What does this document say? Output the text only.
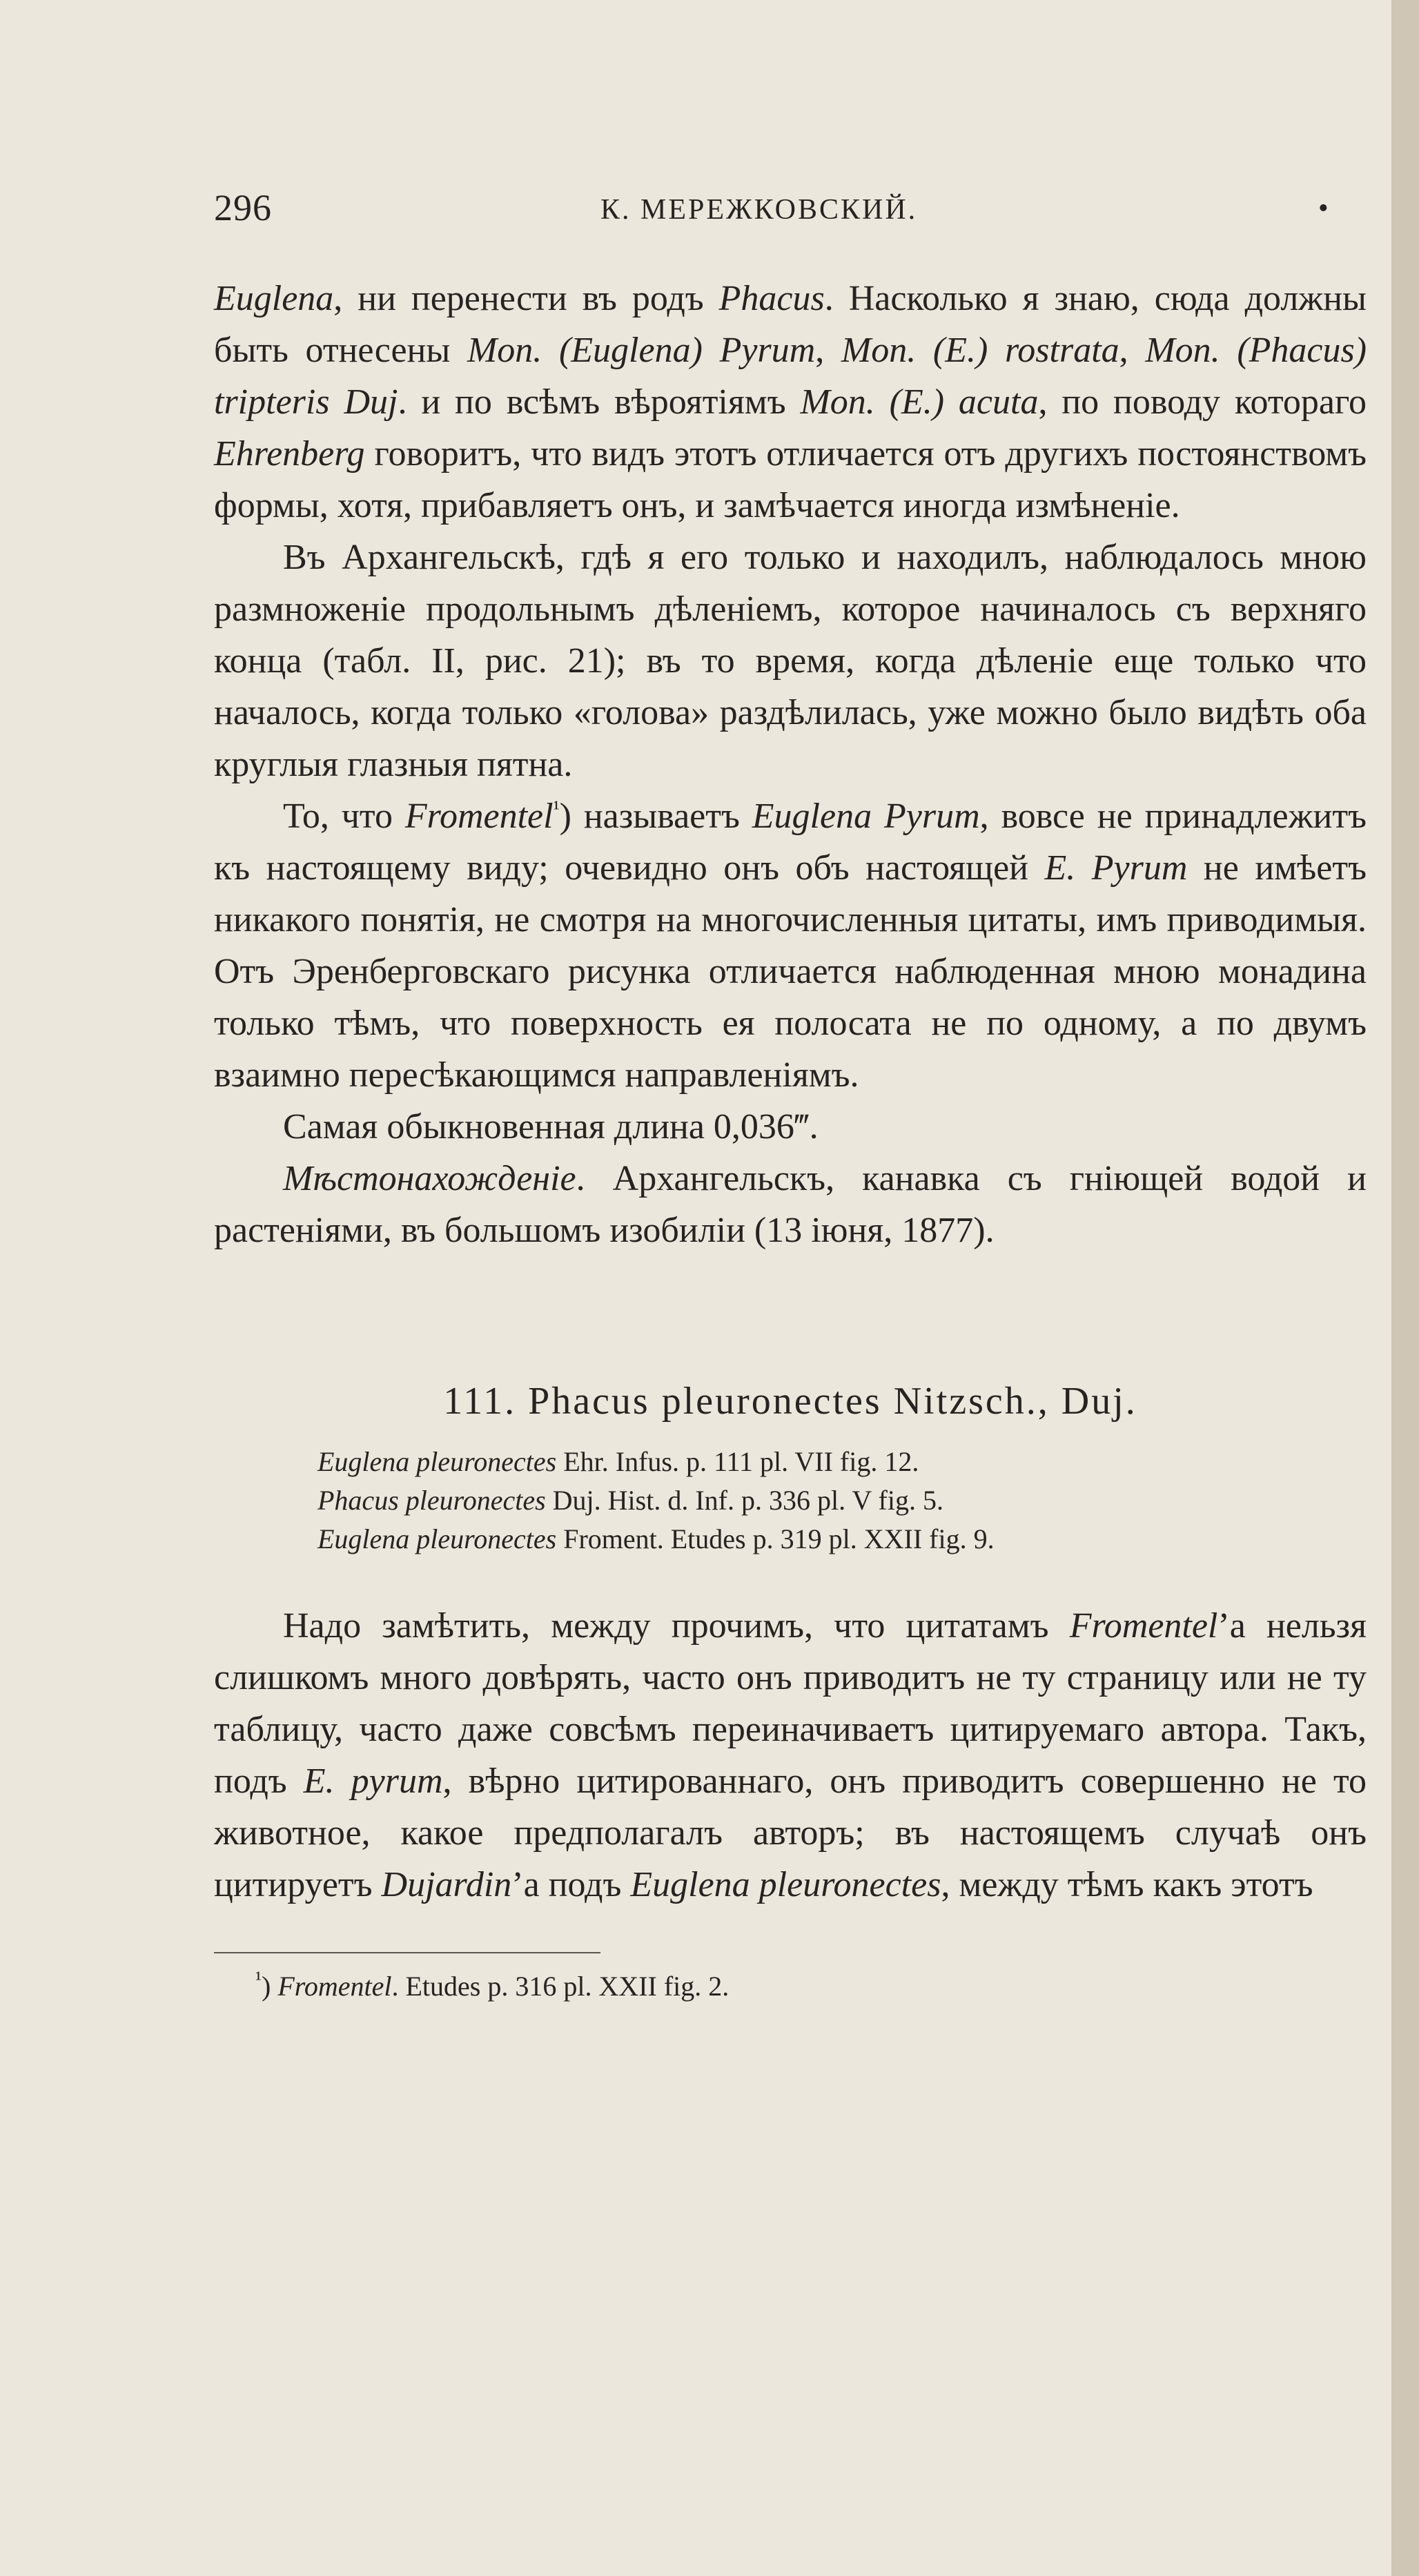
296	К. МЕРЕЖКОВСКИЙ.	•

Euglena, ни перенести въ родъ Phacus. Насколько я знаю, сюда должны быть отнесены Mon. (Euglena) Pyrum, Mon. (E.) rostrata, Mon. (Phacus) tripteris Duj. и по всѣмъ вѣроятіямъ Mon. (E.) acuta, по поводу котораго Ehrenberg говоритъ, что видъ этотъ отличается отъ другихъ постоянствомъ формы, хотя, прибавляетъ онъ, и замѣчается иногда измѣненіе.

Въ Архангельскѣ, гдѣ я его только и находилъ, наблюдалось мною размноженіе продольнымъ дѣленіемъ, которое начиналось съ верхняго конца (табл. II, рис. 21); въ то время, когда дѣленіе еще только что началось, когда только «голова» раздѣлилась, уже можно было видѣть оба круглыя глазныя пятна.

То, что Fromentel$^{^1}$) называетъ Euglena Pyrum, вовсе не принадлежитъ къ настоящему виду; очевидно онъ объ настоящей E. Pyrum не имѣетъ никакого понятія, не смотря на многочисленныя цитаты, имъ приводимыя. Отъ Эренберговскаго рисунка отличается наблюденная мною монадина только тѣмъ, что поверхность ея полосата не по одному, а по двумъ взаимно пересѣкающимся направленіямъ.

Самая обыкновенная длина 0,036‴.

Мѣстонахожденіе. Архангельскъ, канавка съ гніющей водой и растеніями, въ большомъ изобиліи (13 іюня, 1877).

111. Phacus pleuronectes Nitzsch., Duj.
Euglena pleuronectes Ehr. Infus. p. 111 pl. VII fig. 12.
Phacus pleuronectes Duj. Hist. d. Inf. p. 336 pl. V fig. 5.
Euglena pleuronectes Froment. Etudes p. 319 pl. XXII fig. 9.

Надо замѣтить, между прочимъ, что цитатамъ Fromentel’а нельзя слишкомъ много довѣрять, часто онъ приводитъ не ту страницу или не ту таблицу, часто даже совсѣмъ переиначиваетъ цитируемаго автора. Такъ, подъ E. pyrum, вѣрно цитированнаго, онъ приводитъ совершенно не то животное, какое предполагалъ авторъ; въ настоящемъ случаѣ онъ цитируетъ Dujardin’а подъ Euglena pleuronectes, между тѣмъ какъ этотъ

$^{^1}$) Fromentel. Etudes p. 316 pl. XXII fig. 2.
